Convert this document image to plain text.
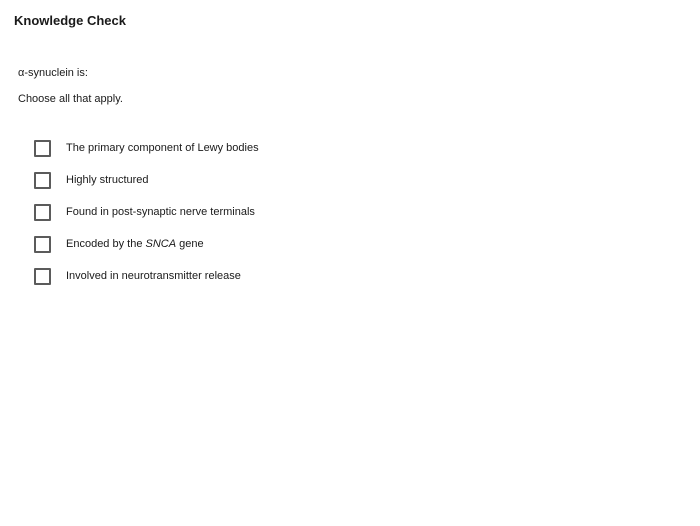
Knowledge Check
α-synuclein is:
Choose all that apply.
The primary component of Lewy bodies
Highly structured
Found in post-synaptic nerve terminals
Encoded by the SNCA gene
Involved in neurotransmitter release
